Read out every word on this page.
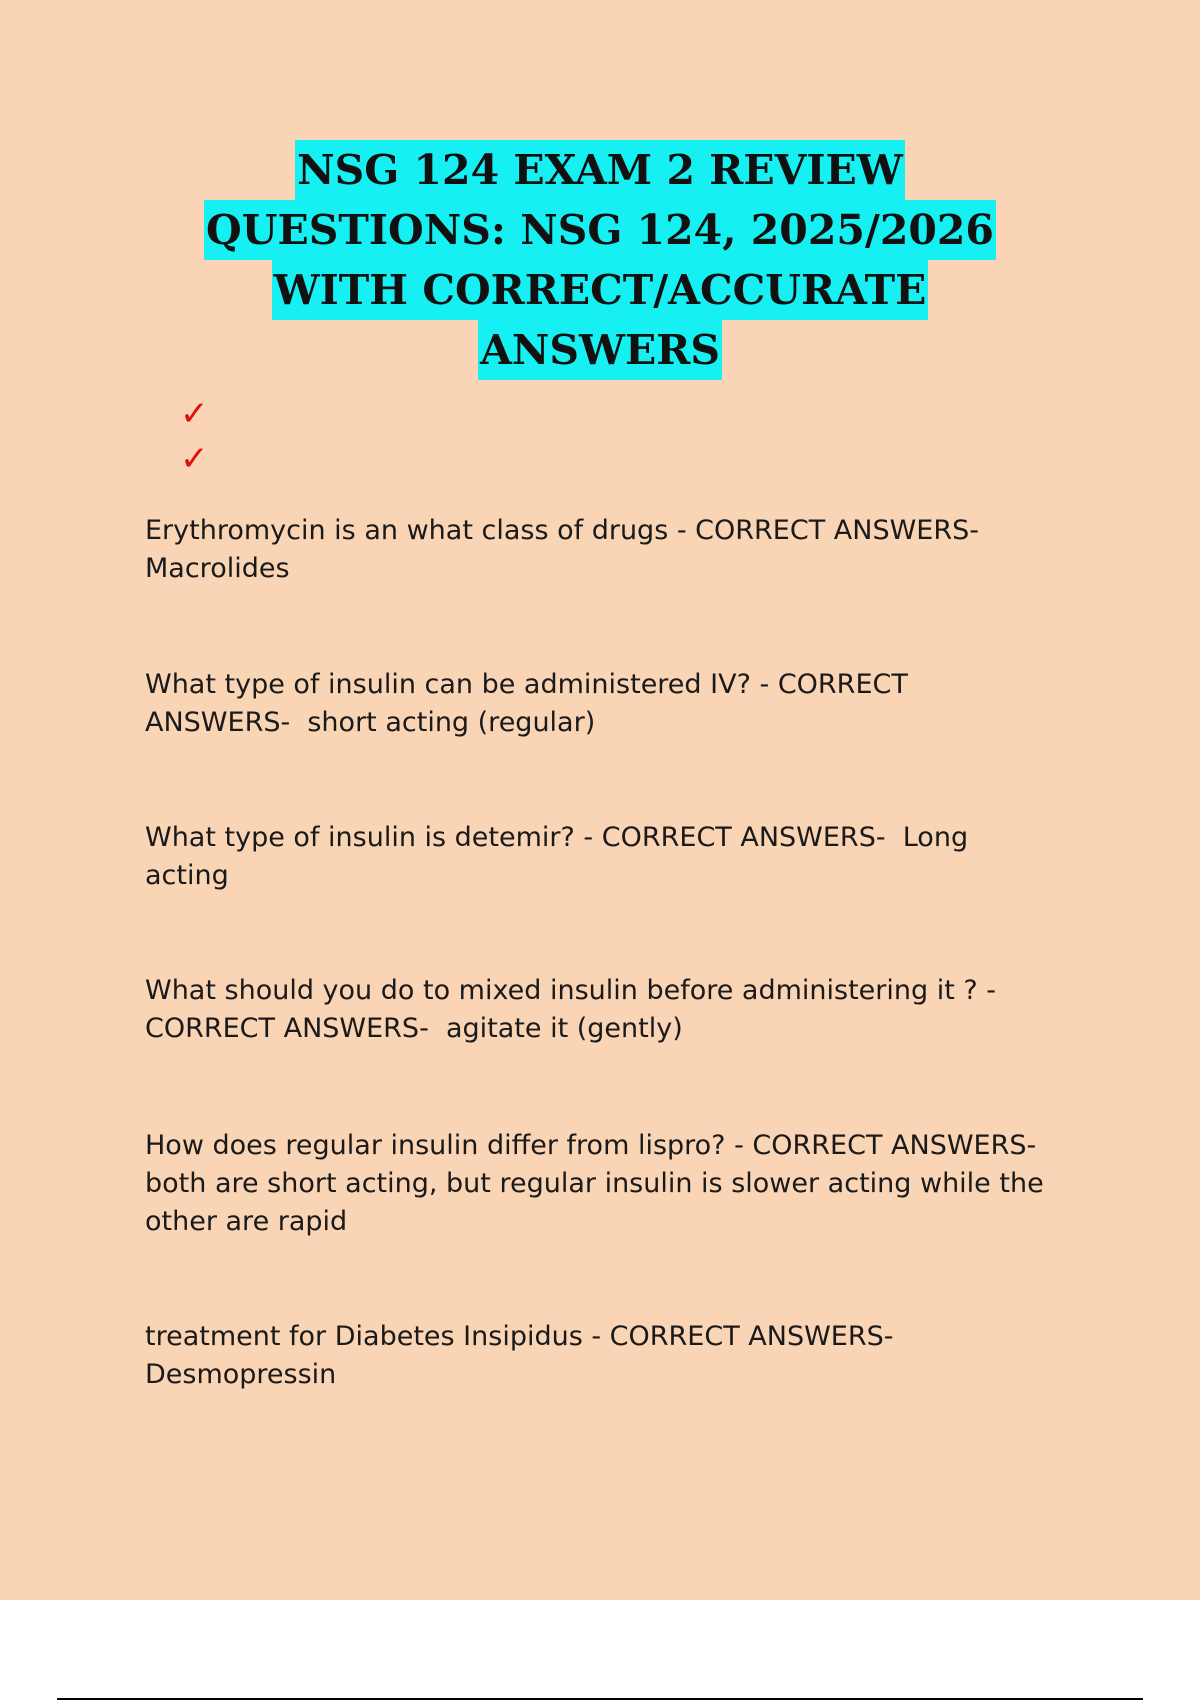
NSG 124 EXAM 2 REVIEW
QUESTIONS: NSG 124, 2025/2026
WITH CORRECT/ACCURATE
ANSWERS
✓
✓

Erythromycin is an what class of drugs - CORRECT ANSWERS-
Macrolides

What type of insulin can be administered IV? - CORRECT
ANSWERS-  short acting (regular)

What type of insulin is detemir? - CORRECT ANSWERS-  Long
acting

What should you do to mixed insulin before administering it ? -
CORRECT ANSWERS-  agitate it (gently)

How does regular insulin differ from lispro? - CORRECT ANSWERS-
both are short acting, but regular insulin is slower acting while the
other are rapid

treatment for Diabetes Insipidus - CORRECT ANSWERS-
Desmopressin
